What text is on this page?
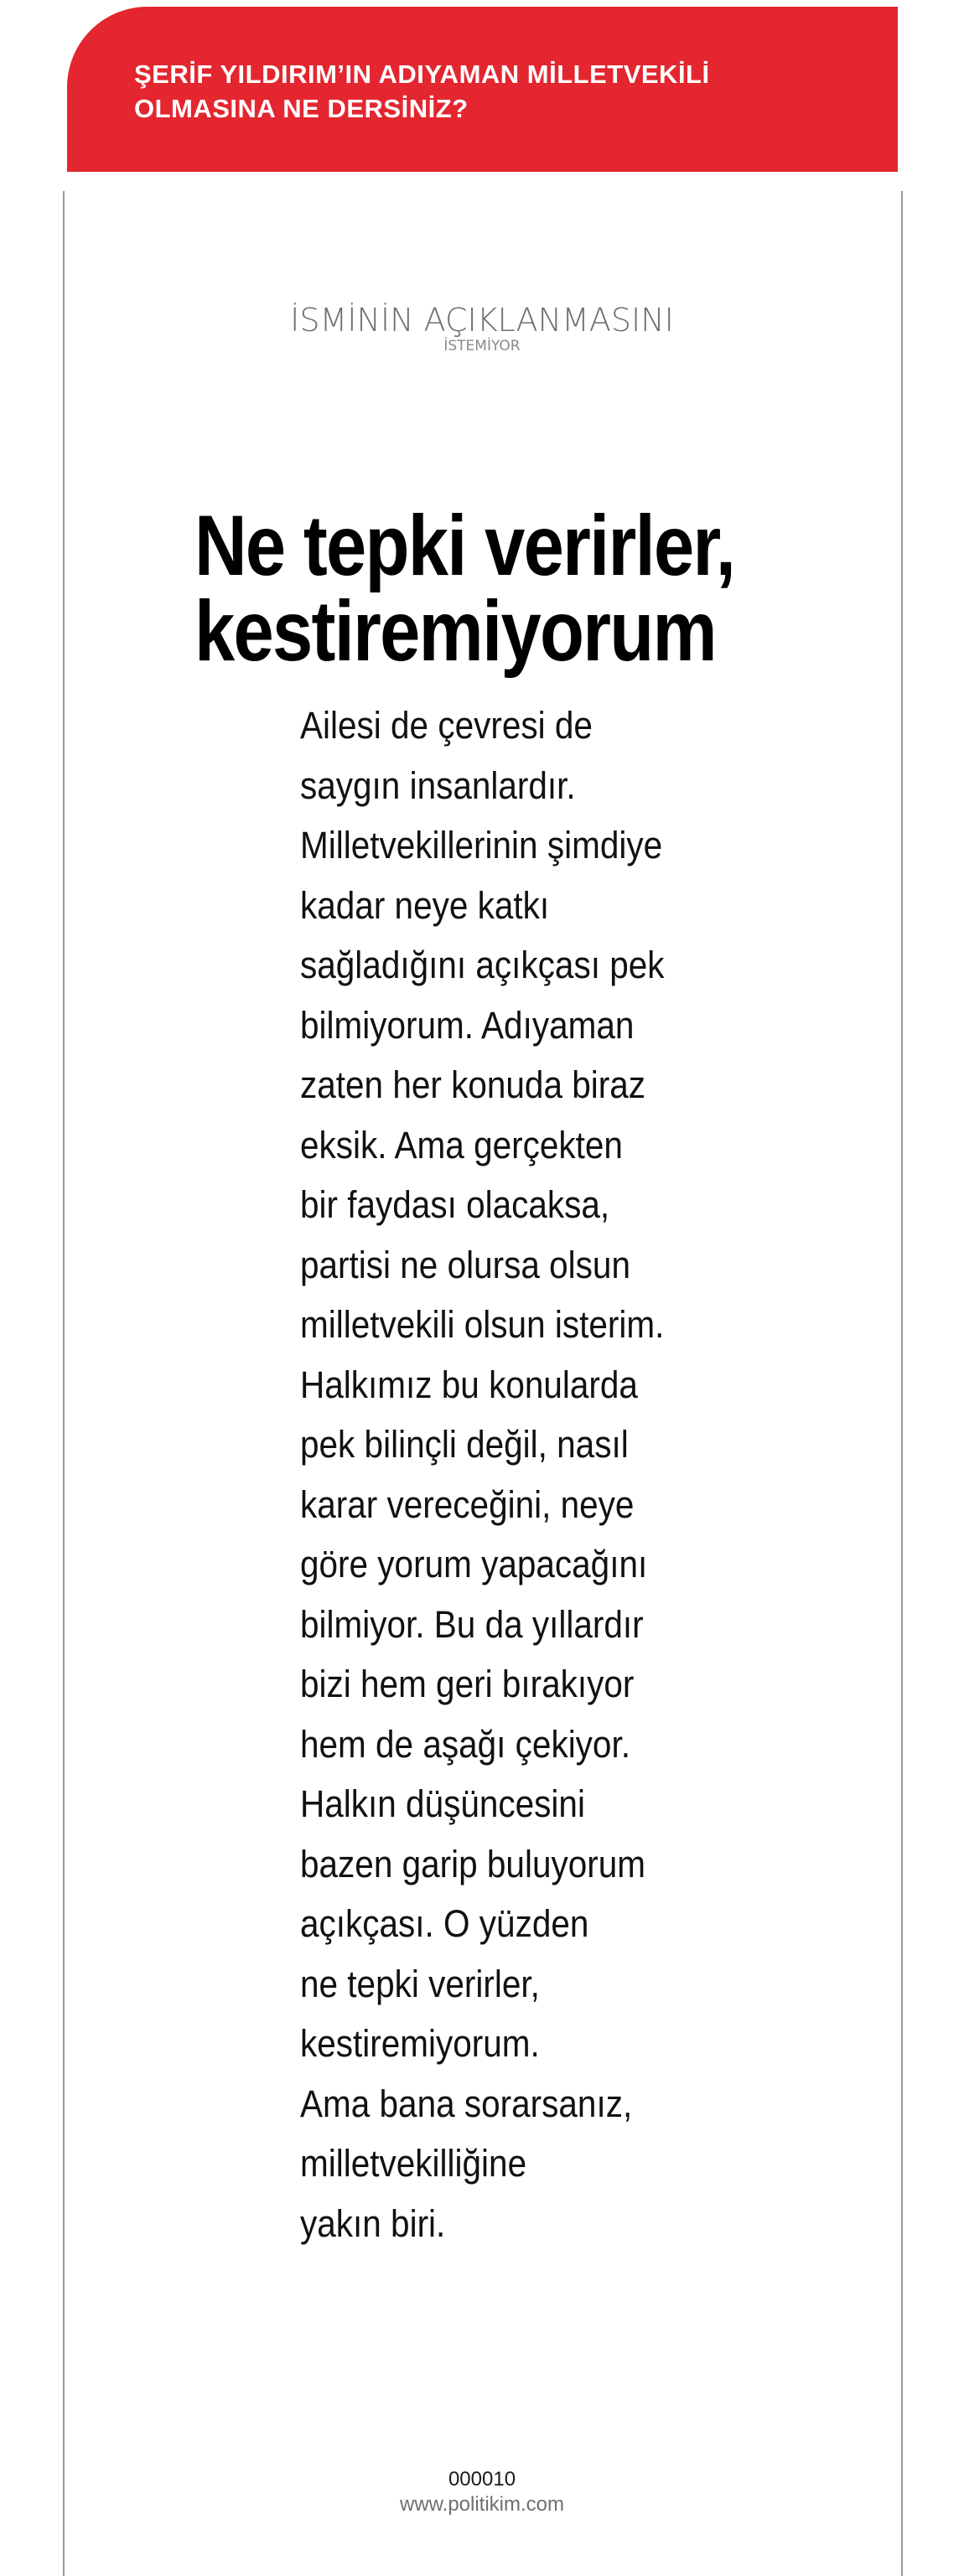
ŞERİF YILDIRIM’IN ADIYAMAN MİLLETVEKİLİ OLMASINA NE DERSİNİZ?
İSMİNİN AÇIKLANMASINI
İSTEMİYOR
Ne tepki verirler,
kestiremiyorum
Ailesi de çevresi de
saygın insanlardır.
Milletvekillerinin şimdiye
kadar neye katkı
sağladığını açıkçası pek
bilmiyorum. Adıyaman
zaten her konuda biraz
eksik. Ama gerçekten
bir faydası olacaksa,
partisi ne olursa olsun
milletvekili olsun isterim.
Halkımız bu konularda
pek bilinçli değil, nasıl
karar vereceğini, neye
göre yorum yapacağını
bilmiyor. Bu da yıllardır
bizi hem geri bırakıyor
hem de aşağı çekiyor.
Halkın düşüncesini
bazen garip buluyorum
açıkçası. O yüzden
ne tepki verirler,
kestiremiyorum.
Ama bana sorarsanız,
milletvekilliğine
yakın biri.
000010
www.politikim.com
